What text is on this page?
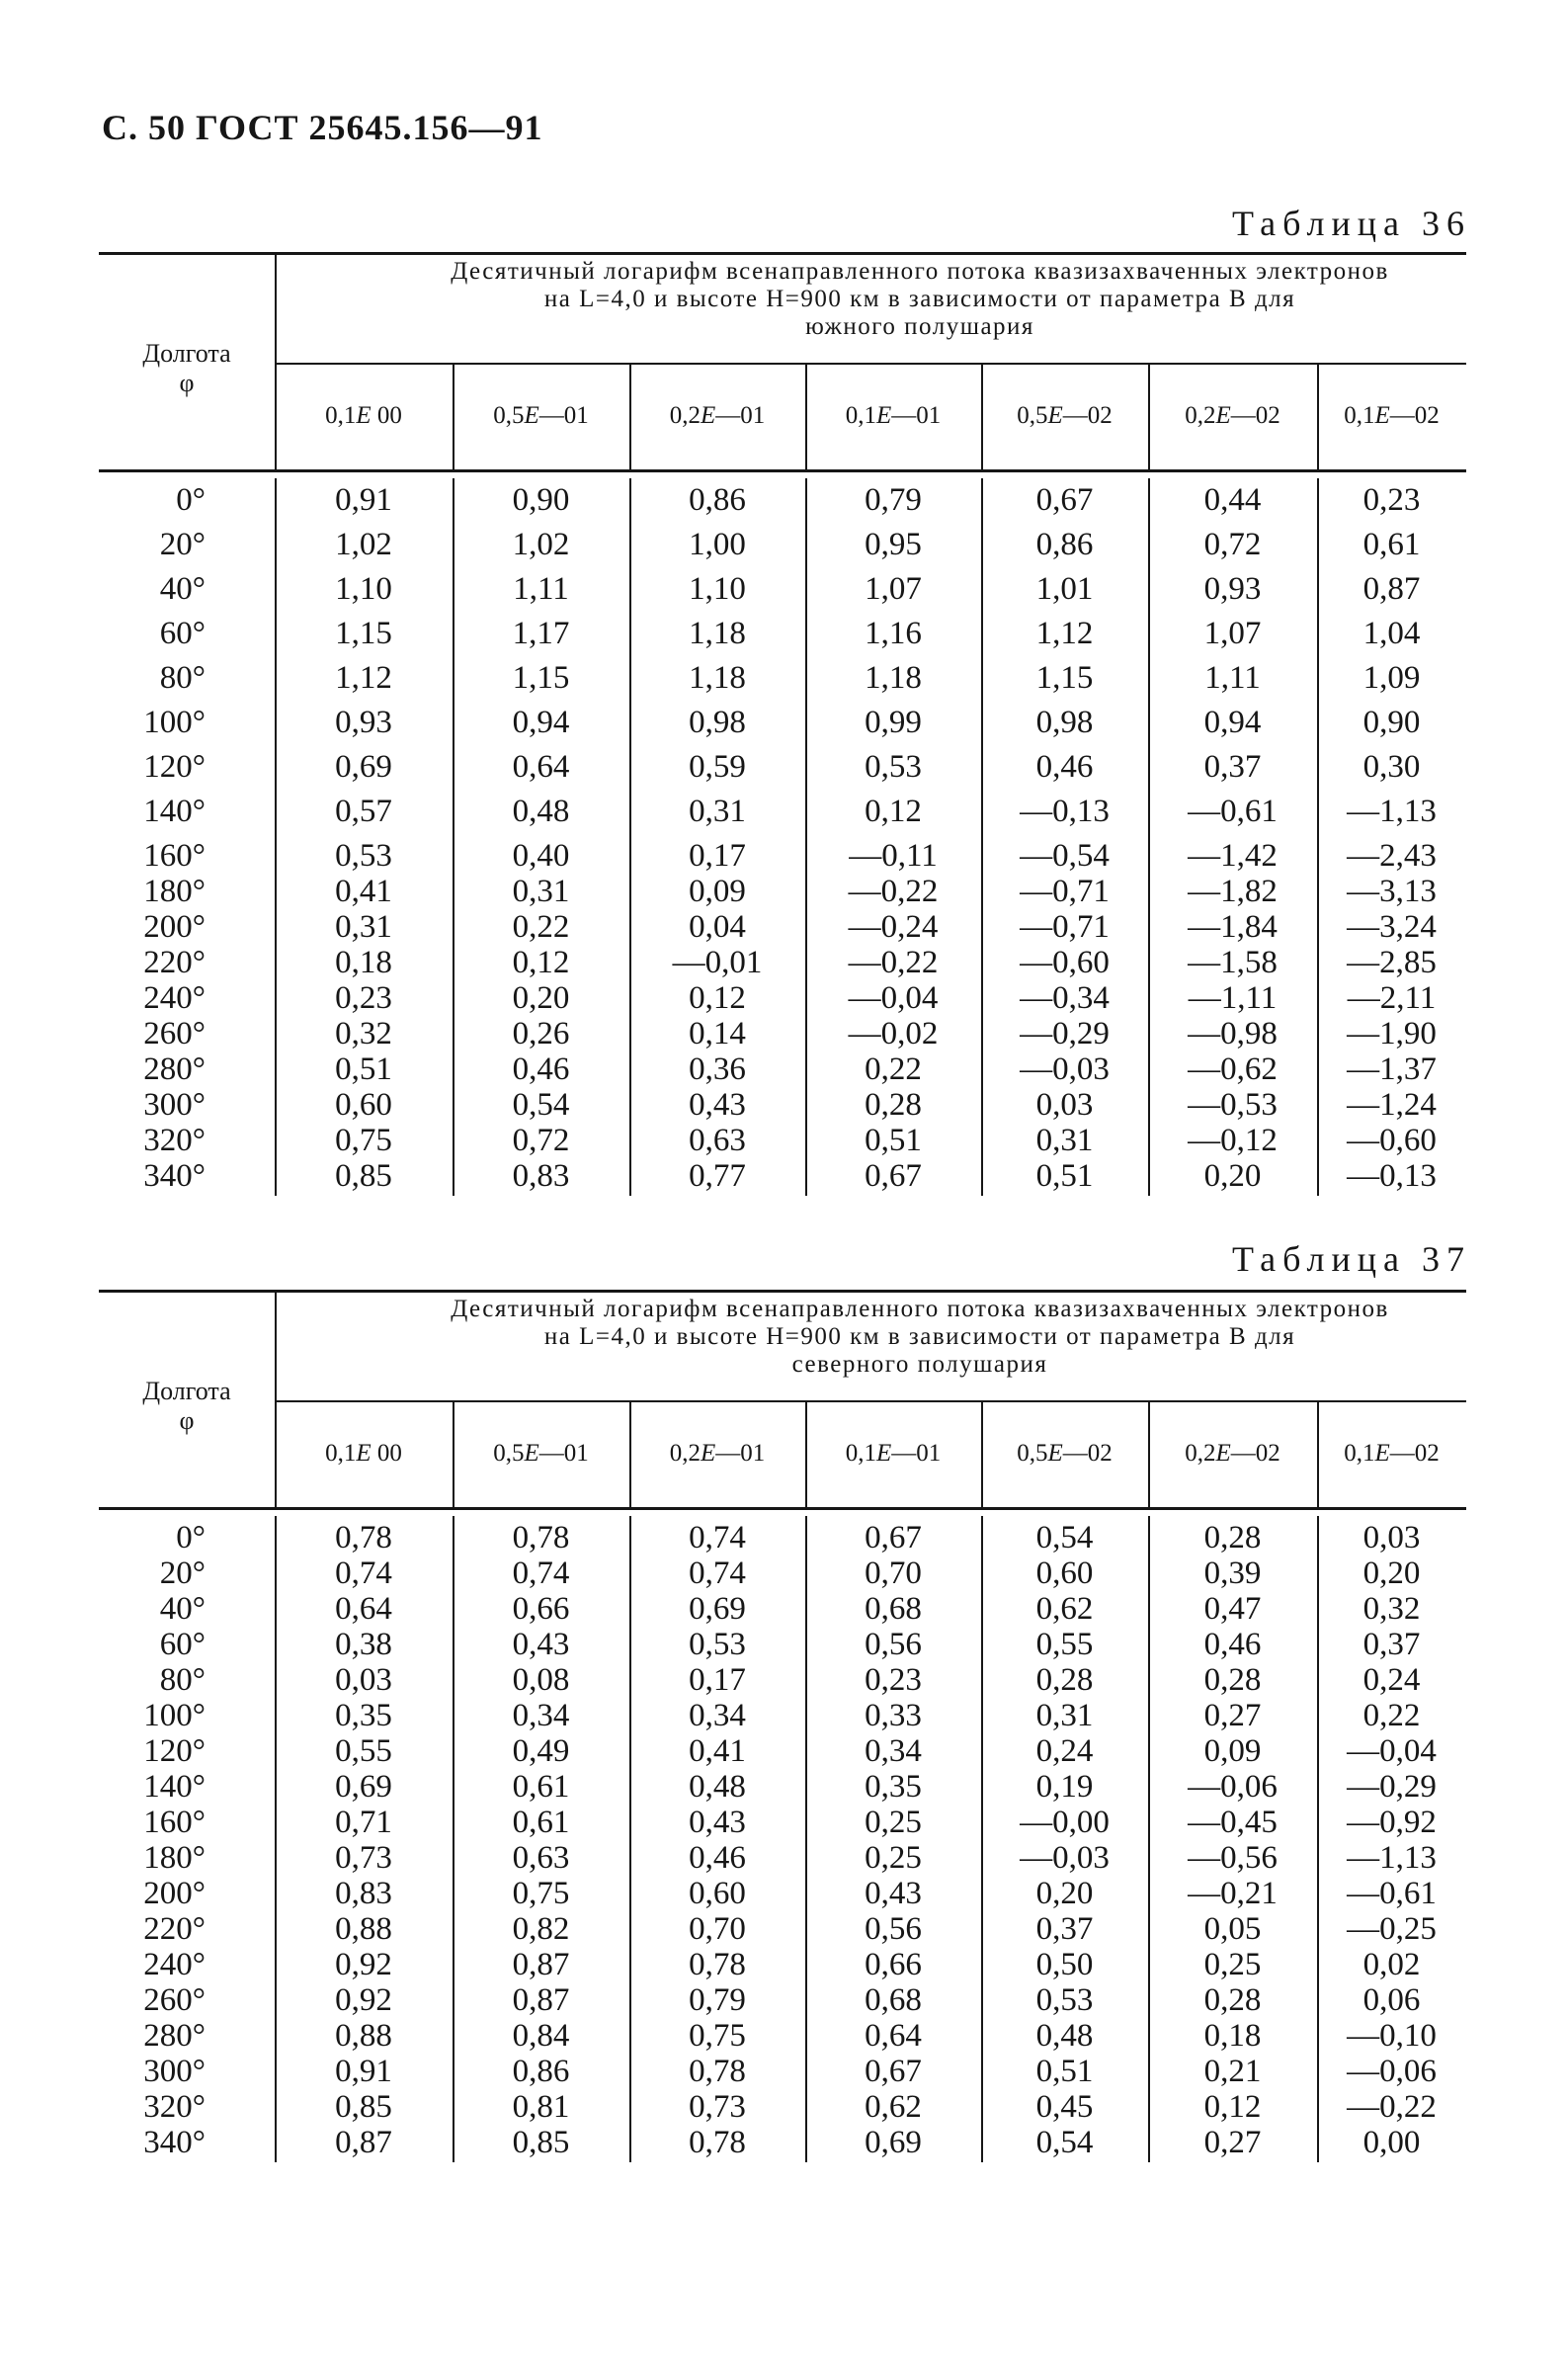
С. 50 ГОСТ 25645.156—91
Таблица 36
Десятичный логарифм всенаправленного потока квазизахваченных электронов
на L=4,0 и высоте H=900 км в зависимости от параметра B для
южного полушария
Долгота
φ
0,1E 00	0,5E—01	0,2E—01	0,1E—01	0,5E—02	0,2E—02	0,1E—02
0°	0,91	0,90	0,86	0,79	0,67	0,44	0,23
20°	1,02	1,02	1,00	0,95	0,86	0,72	0,61
40°	1,10	1,11	1,10	1,07	1,01	0,93	0,87
60°	1,15	1,17	1,18	1,16	1,12	1,07	1,04
80°	1,12	1,15	1,18	1,18	1,15	1,11	1,09
100°	0,93	0,94	0,98	0,99	0,98	0,94	0,90
120°	0,69	0,64	0,59	0,53	0,46	0,37	0,30
140°	0,57	0,48	0,31	0,12	—0,13	—0,61	—1,13
160°	0,53	0,40	0,17	—0,11	—0,54	—1,42	—2,43
180°	0,41	0,31	0,09	—0,22	—0,71	—1,82	—3,13
200°	0,31	0,22	0,04	—0,24	—0,71	—1,84	—3,24
220°	0,18	0,12	—0,01	—0,22	—0,60	—1,58	—2,85
240°	0,23	0,20	0,12	—0,04	—0,34	—1,11	—2,11
260°	0,32	0,26	0,14	—0,02	—0,29	—0,98	—1,90
280°	0,51	0,46	0,36	0,22	—0,03	—0,62	—1,37
300°	0,60	0,54	0,43	0,28	0,03	—0,53	—1,24
320°	0,75	0,72	0,63	0,51	0,31	—0,12	—0,60
340°	0,85	0,83	0,77	0,67	0,51	0,20	—0,13
Таблица 37
Десятичный логарифм всенаправленного потока квазизахваченных электронов
на L=4,0 и высоте H=900 км в зависимости от параметра B для
северного полушария
Долгота
φ
0,1E 00	0,5E—01	0,2E—01	0,1E—01	0,5E—02	0,2E—02	0,1E—02
0°	0,78	0,78	0,74	0,67	0,54	0,28	0,03
20°	0,74	0,74	0,74	0,70	0,60	0,39	0,20
40°	0,64	0,66	0,69	0,68	0,62	0,47	0,32
60°	0,38	0,43	0,53	0,56	0,55	0,46	0,37
80°	0,03	0,08	0,17	0,23	0,28	0,28	0,24
100°	0,35	0,34	0,34	0,33	0,31	0,27	0,22
120°	0,55	0,49	0,41	0,34	0,24	0,09	—0,04
140°	0,69	0,61	0,48	0,35	0,19	—0,06	—0,29
160°	0,71	0,61	0,43	0,25	—0,00	—0,45	—0,92
180°	0,73	0,63	0,46	0,25	—0,03	—0,56	—1,13
200°	0,83	0,75	0,60	0,43	0,20	—0,21	—0,61
220°	0,88	0,82	0,70	0,56	0,37	0,05	—0,25
240°	0,92	0,87	0,78	0,66	0,50	0,25	0,02
260°	0,92	0,87	0,79	0,68	0,53	0,28	0,06
280°	0,88	0,84	0,75	0,64	0,48	0,18	—0,10
300°	0,91	0,86	0,78	0,67	0,51	0,21	—0,06
320°	0,85	0,81	0,73	0,62	0,45	0,12	—0,22
340°	0,87	0,85	0,78	0,69	0,54	0,27	0,00
